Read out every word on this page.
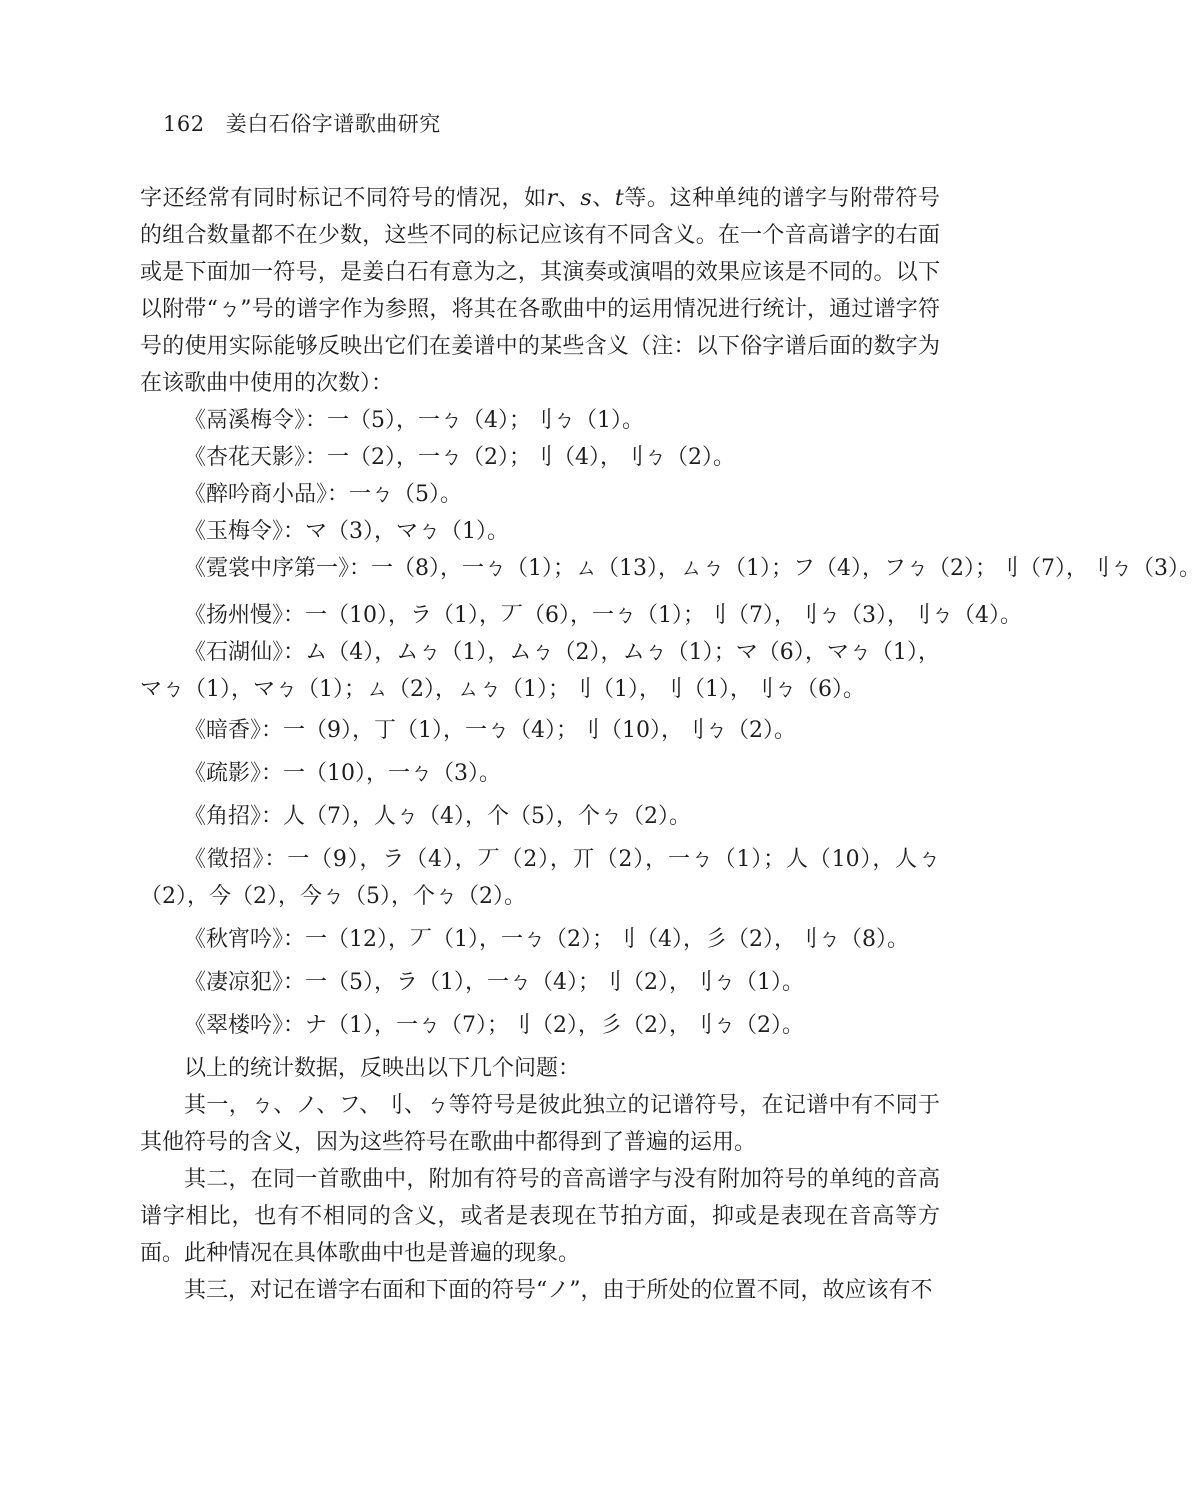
162 姜白石俗字谱歌曲研究

字还经常有同时标记不同符号的情况，如𝑟、𝑠、𝑡等。这种单纯的谱字与附带符号的组合数量都不在少数，这些不同的标记应该有不同含义。在一个音高谱字的右面或是下面加一符号，是姜白石有意为之，其演奏或演唱的效果应该是不同的。以下以附带“ㄅ”号的谱字作为参照，将其在各歌曲中的运用情况进行统计，通过谱字符号的使用实际能够反映出它们在姜谱中的某些含义（注：以下俗字谱后面的数字为在该歌曲中使用的次数）：

《鬲溪梅令》：一（5），一ㄅ（4）；刂ㄅ（1）。

《杏花天影》：一（2），一ㄅ（2）；刂（4），刂ㄅ（2）。

《醉吟商小品》：一ㄅ（5）。

《玉梅令》：マ（3），マㄅ（1）。

《霓裳中序第一》：一（8），一ㄅ（1）；ㄙ（13），ㄙㄅ（1）；フ（4），フㄅ（2）；刂（7），刂ㄅ（3）。

《扬州慢》：一（10），ラ（1），丆（6），一ㄅ（1）；刂（7），刂ㄅ（3），刂ㄅ（4）。

《石湖仙》：ム（4），ムㄅ（1），ムㄅ（2），ムㄅ（1）；マ（6），マㄅ（1），マㄅ（1），マㄅ（1）；ㄙ（2），ㄙㄅ（1）；刂（1），刂（1），刂ㄅ（6）。

《暗香》：一（9），丁（1），一ㄅ（4）；刂（10），刂ㄅ（2）。

《疏影》：一（10），一ㄅ（3）。

《角招》：人（7），人ㄅ（4），个（5），个ㄅ（2）。

《徵招》：一（9），ラ（4），丆（2），丌（2），一ㄅ（1）；人（10），人ㄅ（2），今（2），今ㄅ（5），个ㄅ（2）。

《秋宵吟》：一（12），丆（1），一ㄅ（2）；刂（4），彡（2），刂ㄅ（8）。

《凄凉犯》：一（5），ラ（1），一ㄅ（4）；刂（2），刂ㄅ（1）。

《翠楼吟》：ナ（1），一ㄅ（7）；刂（2），彡（2），刂ㄅ（2）。

以上的统计数据，反映出以下几个问题：

其一，ㄅ、ノ、フ、刂、ㄅ等符号是彼此独立的记谱符号，在记谱中有不同于其他符号的含义，因为这些符号在歌曲中都得到了普遍的运用。

其二，在同一首歌曲中，附加有符号的音高谱字与没有附加符号的单纯的音高谱字相比，也有不相同的含义，或者是表现在节拍方面，抑或是表现在音高等方面。此种情况在具体歌曲中也是普遍的现象。

其三，对记在谱字右面和下面的符号“ノ”，由于所处的位置不同，故应该有不
